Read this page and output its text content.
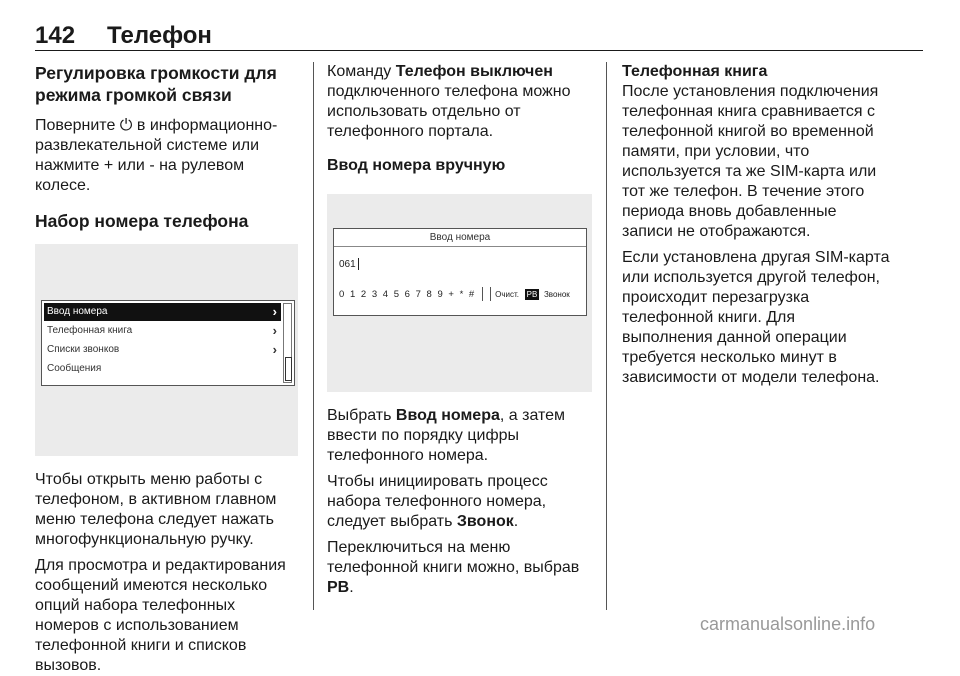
142 Телефон
Регулировка громкости для режима громкой связи

Поверните ⏻ в информационно-развлекательной системе или нажмите + или - на рулевом колесе.

Набор номера телефона
Ввод номера	›
Телефонная книга	›
Списки звонков	›
Сообщения

Чтобы открыть меню работы с телефоном, в активном главном меню телефона следует нажать многофункциональную ручку.

Для просмотра и редактирования сообщений имеются несколько опций набора телефонных номеров с использованием телефонной книги и списков вызовов.

Команду Телефон выключен подключенного телефона можно использовать отдельно от телефонного портала.

Ввод номера вручную
Ввод номера
061
0 1 2 3 4 5 6 7 8 9 + * #	Очист. PB Звонок

Выбрать Ввод номера, а затем ввести по порядку цифры телефонного номера.

Чтобы инициировать процесс набора телефонного номера, следует выбрать Звонок.

Переключиться на меню телефонной книги можно, выбрав PB.

Телефонная книга

После установления подключения телефонная книга сравнивается с телефонной книгой во временной памяти, при условии, что используется та же SIM-карта или тот же телефон. В течение этого периода вновь добавленные записи не отображаются.

Если установлена другая SIM-карта или используется другой телефон, происходит перезагрузка телефонной книги. Для выполнения данной операции требуется несколько минут в зависимости от модели телефона.

carmanualsonline.info
